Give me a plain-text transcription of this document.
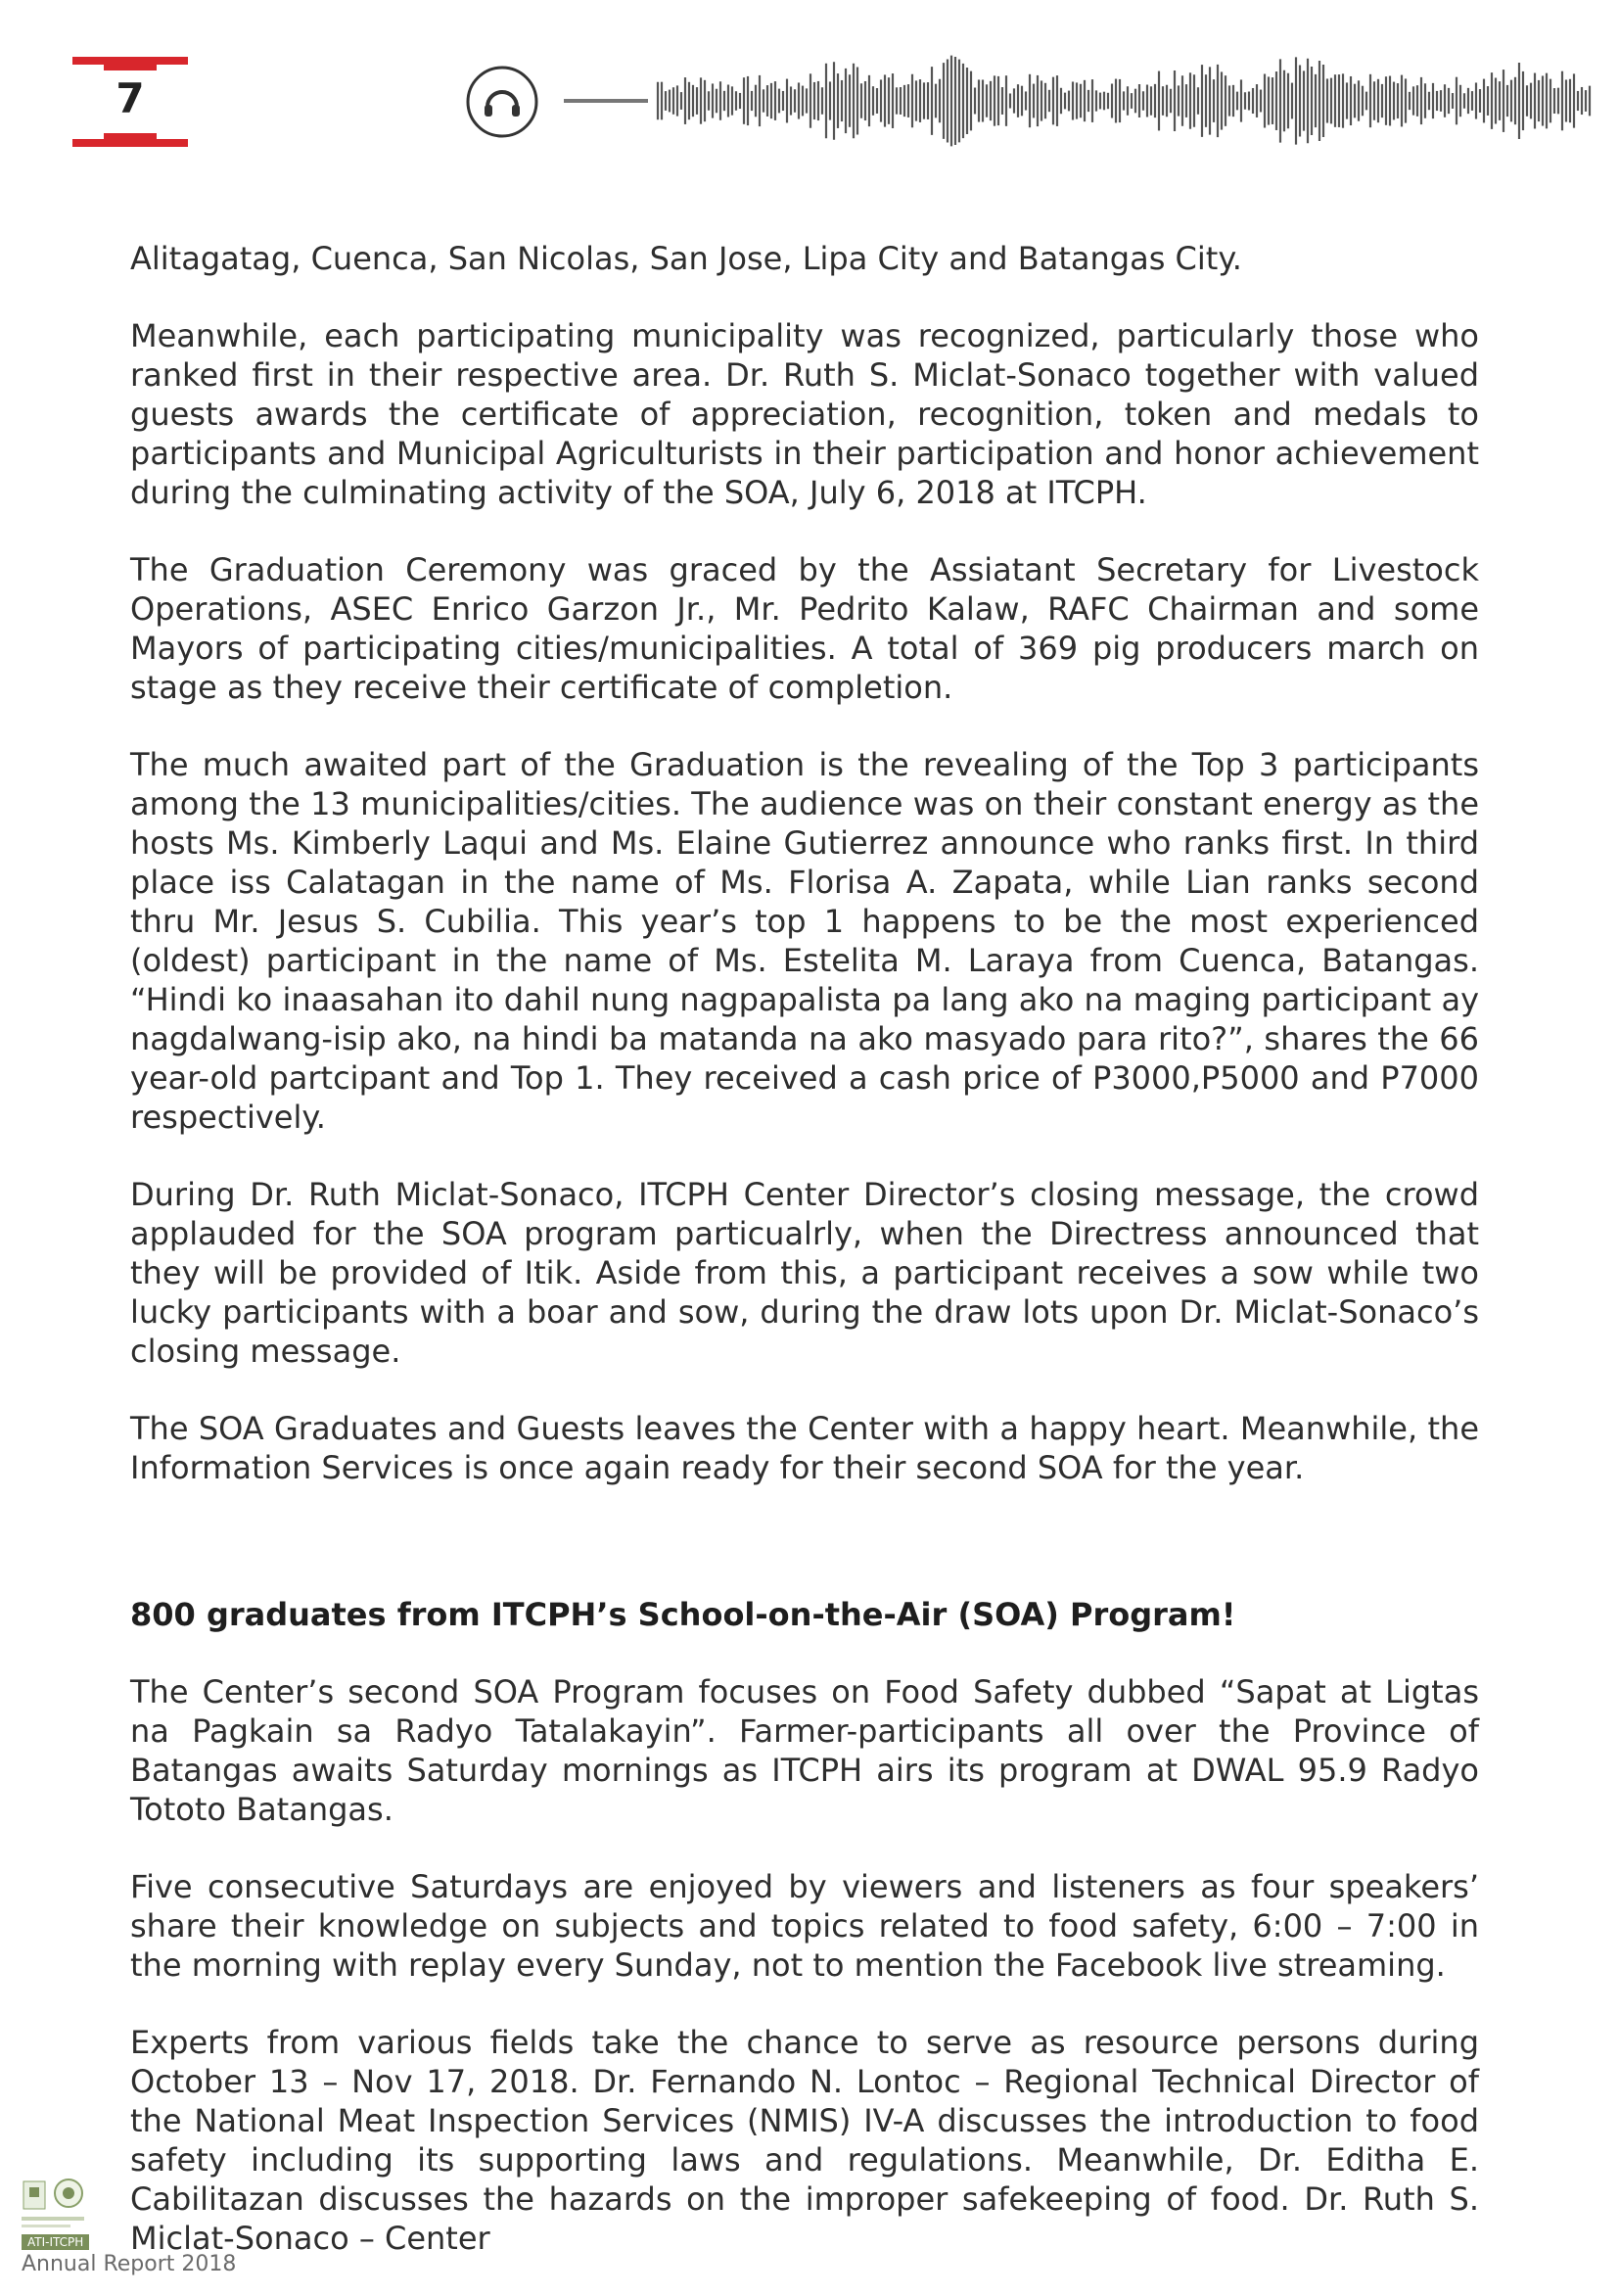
7

Alitagatag, Cuenca, San Nicolas, San Jose, Lipa City and Batangas City.

Meanwhile, each participating municipality was recognized, particularly those who ranked first in their respective area. Dr. Ruth S. Miclat-Sonaco together with valued guests awards the certificate of appreciation, recognition, token and medals to participants and Municipal Agriculturists in their participation and honor achievement during the culminating activity of the SOA, July 6, 2018 at ITCPH.

The Graduation Ceremony was graced by the Assiatant Secretary for Livestock Operations, ASEC Enrico Garzon Jr., Mr. Pedrito Kalaw, RAFC Chairman and some Mayors of participating cities/municipalities. A total of 369 pig producers march on stage as they receive their certificate of completion.

The much awaited part of the Graduation is the revealing of the Top 3 participants among the 13 municipalities/cities. The audience was on their constant energy as the hosts Ms. Kimberly Laqui and Ms. Elaine Gutierrez announce who ranks first. In third place iss Calatagan in the name of Ms. Florisa A. Zapata, while Lian ranks second thru Mr. Jesus S. Cubilia. This year’s top 1 happens to be the most experienced (oldest) participant in the name of Ms. Estelita M. Laraya from Cuenca, Batangas. “Hindi ko inaasahan ito dahil nung nagpapalista pa lang ako na maging participant ay nagdalwang-isip ako, na hindi ba matanda na ako masyado para rito?”, shares the 66 year-old partcipant and Top 1. They received a cash price of P3000,P5000 and P7000 respectively.

During Dr. Ruth Miclat-Sonaco, ITCPH Center Director’s closing message, the crowd applauded for the SOA program particualrly, when the Directress announced that they will be provided of Itik. Aside from this, a participant receives a sow while two lucky participants with a boar and sow, during the draw lots upon Dr. Miclat-Sonaco’s closing message.

The SOA Graduates and Guests leaves the Center with a happy heart. Meanwhile, the Information Services is once again ready for their second SOA for the year.

800 graduates from ITCPH’s School-on-the-Air (SOA) Program!

The Center’s second SOA Program focuses on Food Safety dubbed “Sapat at Ligtas na Pagkain sa Radyo Tatalakayin”. Farmer-participants all over the Province of Batangas awaits Saturday mornings as ITCPH airs its program at DWAL 95.9 Radyo Tototo Batangas.

Five consecutive Saturdays are enjoyed by viewers and listeners as four speakers’ share their knowledge on subjects and topics related to food safety, 6:00 – 7:00 in the morning with replay every Sunday, not to mention the Facebook live streaming.

Experts from various fields take the chance to serve as resource persons during October 13 – Nov 17, 2018. Dr. Fernando N. Lontoc – Regional Technical Director of the National Meat Inspection Services (NMIS) IV-A discusses the introduction to food safety including its supporting laws and regulations. Meanwhile, Dr. Editha E. Cabilitazan discusses the hazards on the improper safekeeping of food. Dr. Ruth S. Miclat-Sonaco – Center

ATI-ITCPH
Annual Report 2018
